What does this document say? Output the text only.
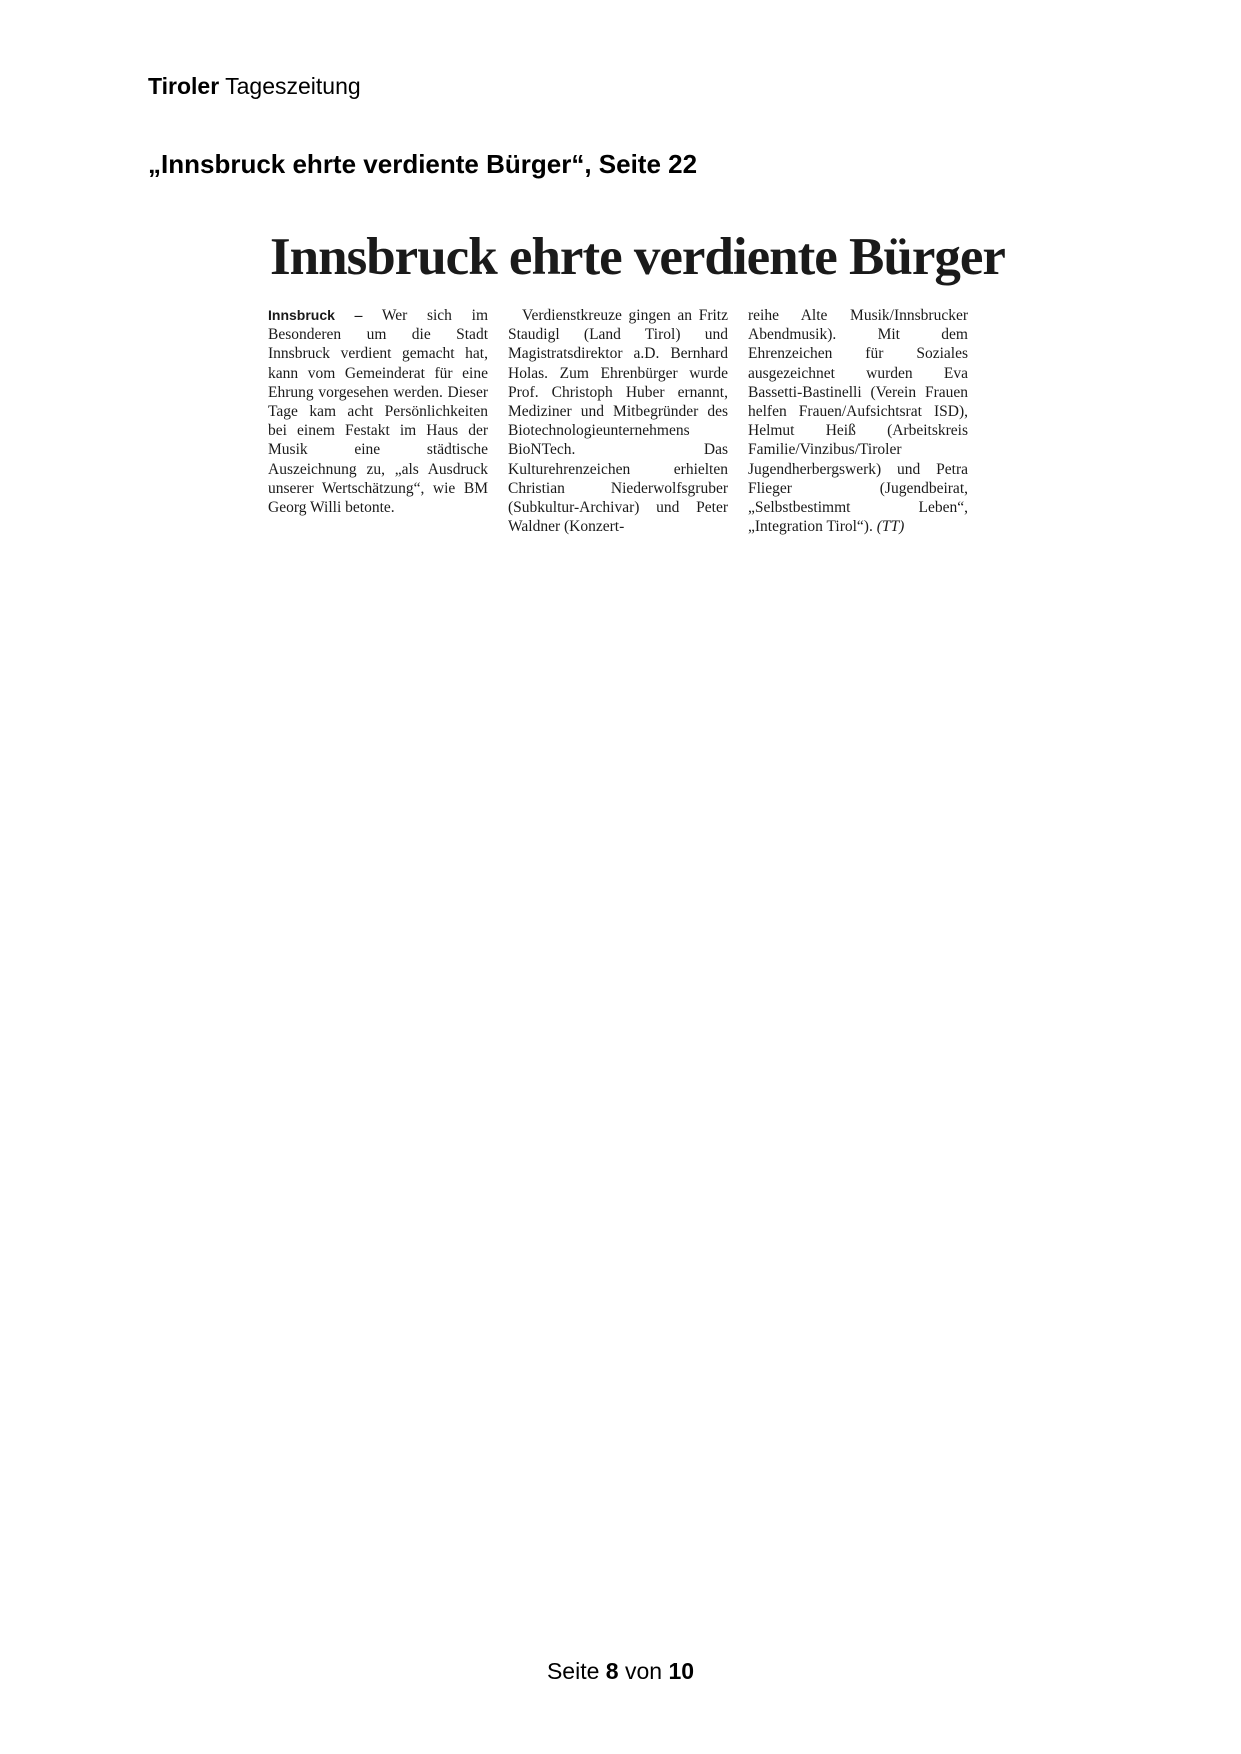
Tiroler Tageszeitung
„Innsbruck ehrte verdiente Bürger“, Seite 22
Innsbruck ehrte verdiente Bürger

Innsbruck – Wer sich im Besonderen um die Stadt Innsbruck verdient gemacht hat, kann vom Gemeinderat für eine Ehrung vorgesehen werden. Dieser Tage kam acht Persönlichkeiten bei einem Festakt im Haus der Musik eine städtische Auszeichnung zu, „als Ausdruck unserer Wertschätzung“, wie BM Georg Willi betonte.

Verdienstkreuze gingen an Fritz Staudigl (Land Tirol) und Magistratsdirektor a.D. Bernhard Holas. Zum Ehrenbürger wurde Prof. Christoph Huber ernannt, Mediziner und Mitbegründer des Biotechnologieunternehmens BioNTech. Das Kulturehrenzeichen erhielten Christian Niederwolfsgruber (Subkultur-Archivar) und Peter Waldner (Konzert-

reihe Alte Musik/Innsbrucker Abendmusik). Mit dem Ehrenzeichen für Soziales ausgezeichnet wurden Eva Bassetti-Bastinelli (Verein Frauen helfen Frauen/Aufsichtsrat ISD), Helmut Heiß (Arbeitskreis Familie/Vinzibus/Tiroler Jugendherbergswerk) und Petra Flieger (Jugendbeirat, „Selbstbestimmt Leben“, „Integration Tirol“). (TT)

Seite 8 von 10
